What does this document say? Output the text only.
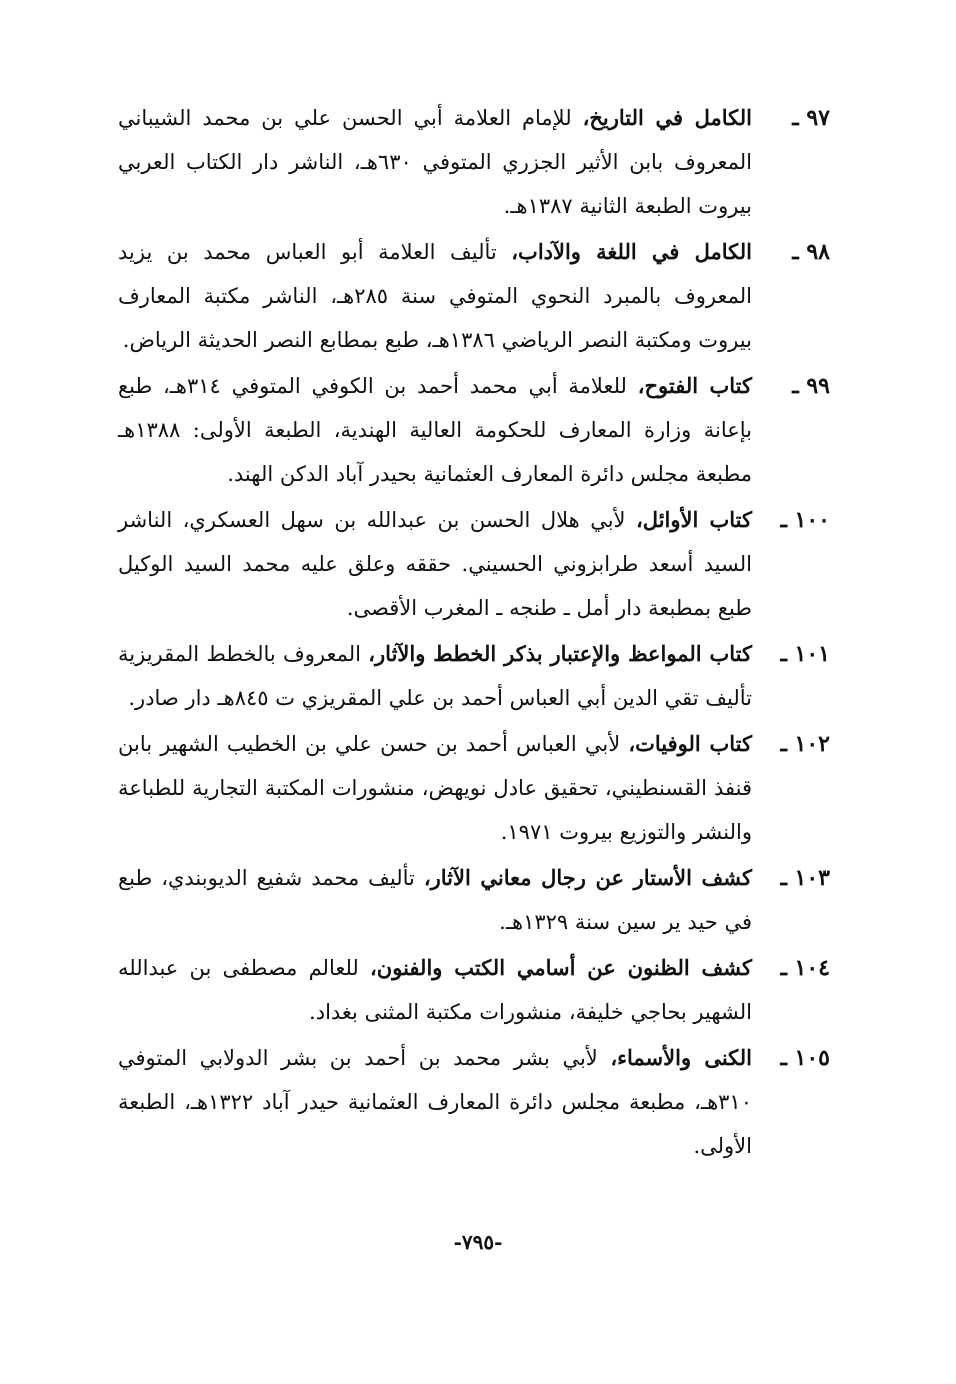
٩٧ ـ
الكامل في التاريخ، للإمام العلامة أبي الحسن علي بن محمد الشيباني المعروف بابن الأثير الجزري المتوفي ٦٣٠هـ، الناشر دار الكتاب العربي بيروت الطبعة الثانية ١٣٨٧هـ.
٩٨ ـ
الكامل في اللغة والآداب، تأليف العلامة أبو العباس محمد بن يزيد المعروف بالمبرد النحوي المتوفي سنة ٢٨٥هـ، الناشر مكتبة المعارف بيروت ومكتبة النصر الرياضي ١٣٨٦هـ، طبع بمطابع النصر الحديثة الرياض.
٩٩ ـ
كتاب الفتوح، للعلامة أبي محمد أحمد بن الكوفي المتوفي ٣١٤هـ، طبع بإعانة وزارة المعارف للحكومة العالية الهندية، الطبعة الأولى: ١٣٨٨هـ مطبعة مجلس دائرة المعارف العثمانية بحيدر آباد الدكن الهند.
١٠٠ ـ
كتاب الأوائل، لأبي هلال الحسن بن عبدالله بن سهل العسكري، الناشر السيد أسعد طرابزوني الحسيني. حققه وعلق عليه محمد السيد الوكيل طبع بمطبعة دار أمل ـ طنجه ـ المغرب الأقصى.
١٠١ ـ
كتاب المواعظ والإعتبار بذكر الخطط والآثار، المعروف بالخطط المقريزية تأليف تقي الدين أبي العباس أحمد بن علي المقريزي ت ٨٤٥هـ دار صادر.
١٠٢ ـ
كتاب الوفيات، لأبي العباس أحمد بن حسن علي بن الخطيب الشهير بابن قنفذ القسنطيني، تحقيق عادل نويهض، منشورات المكتبة التجارية للطباعة والنشر والتوزيع بيروت ١٩٧١.
١٠٣ ـ
كشف الأستار عن رجال معاني الآثار، تأليف محمد شفيع الديوبندي، طبع في حيد ير سين سنة ١٣٢٩هـ.
١٠٤ ـ
كشف الظنون عن أسامي الكتب والفنون، للعالم مصطفى بن عبدالله الشهير بحاجي خليفة، منشورات مكتبة المثنى بغداد.
١٠٥ ـ
الكنى والأسماء، لأبي بشر محمد بن أحمد بن بشر الدولابي المتوفي ٣١٠هـ، مطبعة مجلس دائرة المعارف العثمانية حيدر آباد ١٣٢٢هـ، الطبعة الأولى.
-٧٩٥-
